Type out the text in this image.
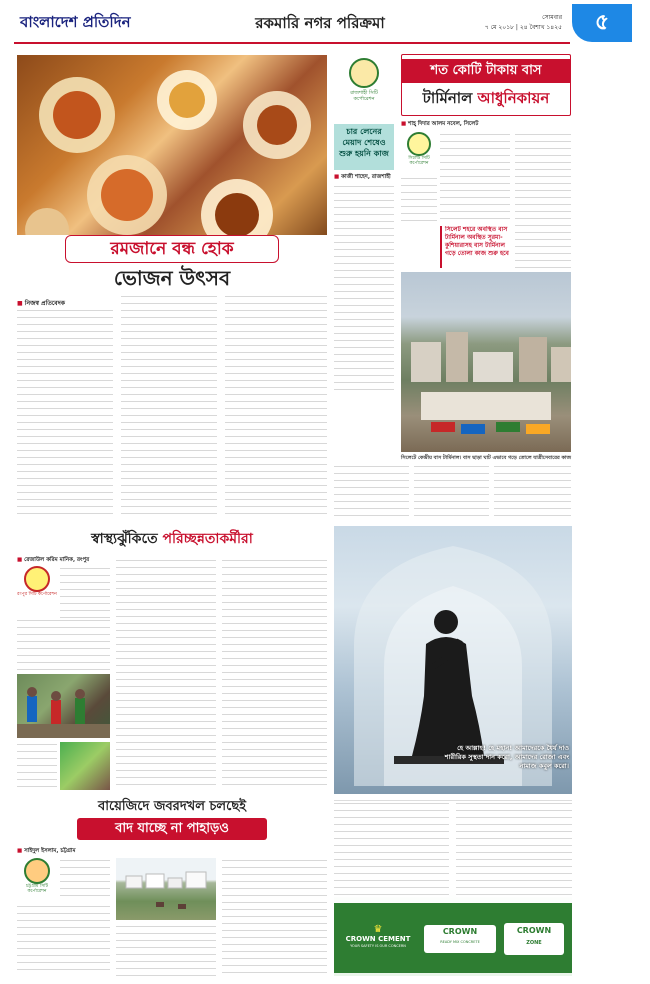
বাংলাদেশ প্রতিদিন	রকমারি নগর পরিক্রমা	সোমবার
৭ মে ২০১৮ | ২৪ বৈশাখ ১৪২৫	৫
রমজানে বন্ধ হোক
ভোজন উৎসব
■ নিজস্ব প্রতিবেদক
রাজশাহী সিটি কর্পোরেশন
চার লেনের মেয়াদ শেষেও শুরু হয়নি কাজ
■ কাজী শাহেদ, রাজশাহী
শত কোটি টাকায় বাস
টার্মিনাল আধুনিকায়ন
■ শাহ্ দিদার আলম নবেল, সিলেট
সিলেট সিটি কর্পোরেশন
সিলেট শহরে অবস্থিত বাস টার্মিনাল অবস্থিত সুরমা-কুশিয়ারাসহ বাস টার্মিনাল গড়ে তোলা কাজ শুরু হবে
সিলেটে কেন্দ্রীয় বাস টার্মিনাল। বাস ছাড়া ঘাট এভাবে গড়ে তোলে যাত্রীসেবারের কাজ
স্বাস্থ্যঝুঁকিতে পরিচ্ছন্নতাকর্মীরা
■ রেজাউল করিম মানিক, রংপুর
রংপুর সিটি কর্পোরেশন
হে আল্লাহ! হে মহান! আমাদেরকে ধৈর্য দাও
শারীরিক সুস্থতা দান করো, আমাদের রোজা এবং
নামাজ কবুল করো।
বায়েজিদে জবরদখল চলছেই
বাদ যাচ্ছে না পাহাড়ও
■ সাইদুল ইসলাম, চট্টগ্রাম
চট্টগ্রাম সিটি কর্পোরেশন
♛
CROWN CEMENT
YOUR SAFETY IS OUR CONCERN
CROWN
READY MIX CONCRETE
CROWN
ZONE
